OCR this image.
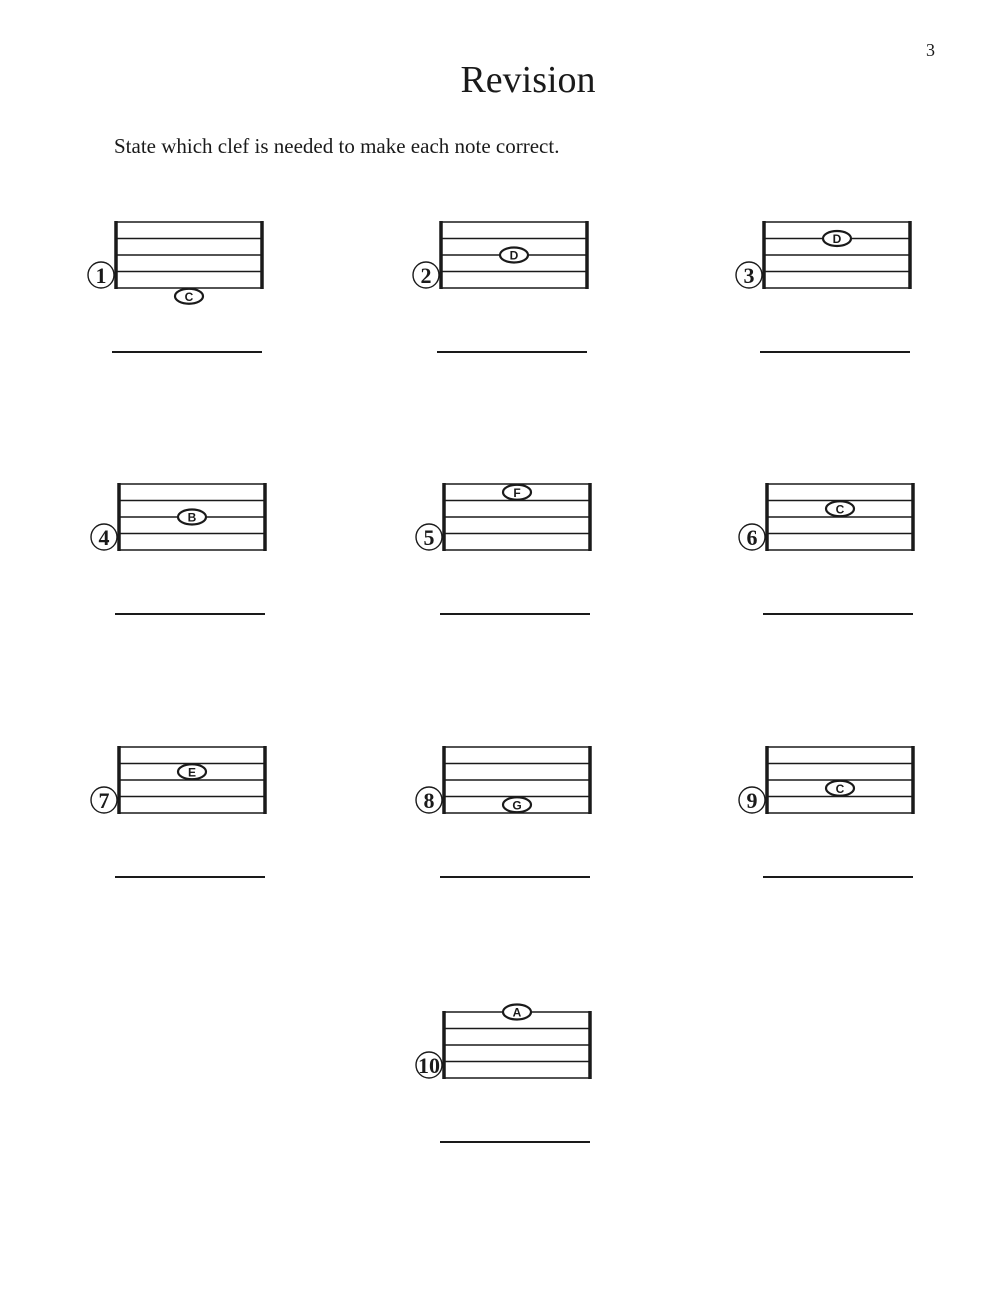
3
Revision
State which clef is needed to make each note correct.
1
C
2
D
3
D
4
B
5
F
6
C
7
E
8	G	9	C
10
A
